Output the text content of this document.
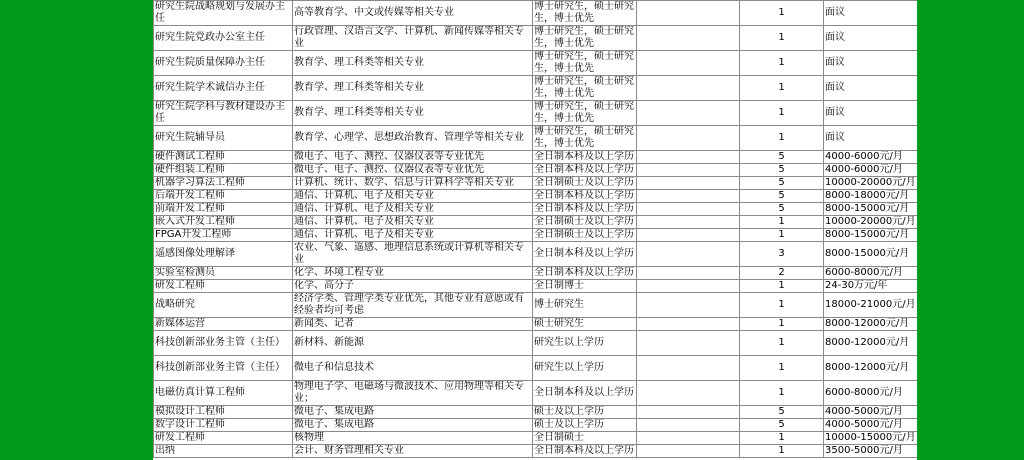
研究生院战略规划与发展办主任	高等教育学、中文或传媒等相关专业	博士研究生，硕士研究生，博士优先		1	面议
研究生院党政办公室主任	行政管理、汉语言文学、计算机、新闻传媒等相关专业	博士研究生，硕士研究生，博士优先		1	面议
研究生院质量保障办主任	教育学、理工科类等相关专业	博士研究生，硕士研究生，博士优先		1	面议
研究生院学术诚信办主任	教育学、理工科类等相关专业	博士研究生，硕士研究生，博士优先		1	面议
研究生院学科与教材建设办主任	教育学、理工科类等相关专业	博士研究生，硕士研究生，博士优先		1	面议
研究生院辅导员	教育学、心理学、思想政治教育、管理学等相关专业	博士研究生，硕士研究生，博士优先		1	面议
硬件测试工程师	微电子、电子、测控、仪器仪表等专业优先	全日制本科及以上学历		5	4000-6000元/月
硬件组装工程师	微电子、电子、测控、仪器仪表等专业优先	全日制本科及以上学历		5	4000-6000元/月
机器学习算法工程师	计算机、统计、数学、信息与计算科学等相关专业	全日制硕士及以上学历		5	10000-20000元/月
后端开发工程师	通信、计算机、电子及相关专业	全日制本科及以上学历		5	8000-18000元/月
前端开发工程师	通信、计算机、电子及相关专业	全日制本科及以上学历		5	8000-15000元/月
嵌入式开发工程师	通信、计算机、电子及相关专业	全日制硕士及以上学历		1	10000-20000元/月
FPGA开发工程师	通信、计算机、电子及相关专业	全日制硕士及以上学历		1	8000-15000元/月
遥感图像处理解译	农业、气象、遥感、地理信息系统或计算机等相关专业	全日制本科及以上学历		3	8000-15000元/月
实验室检测员	化学、环境工程专业	全日制本科及以上学历		2	6000-8000元/月
研发工程师	化学、高分子	全日制博士		1	24-30万元/年
战略研究	经济学类、管理学类专业优先，其他专业有意愿或有经验者均可考虑	博士研究生		1	18000-21000元/月
新媒体运营	新闻类、记者	硕士研究生		1	8000-12000元/月
科技创新部业务主管（主任）	新材料、新能源	研究生以上学历		1	8000-12000元/月
科技创新部业务主管（主任）	微电子和信息技术	研究生以上学历		1	8000-12000元/月
电磁仿真计算工程师	物理电子学、电磁场与微波技术、应用物理等相关专业；	全日制本科及以上学历		1	6000-8000元/月
模拟设计工程师	微电子、集成电路	硕士及以上学历		5	4000-5000元/月
数字设计工程师	微电子、集成电路	硕士及以上学历		5	4000-5000元/月
研发工程师	核物理	全日制硕士		1	10000-15000元/月
出纳	会计、财务管理相关专业	全日制本科及以上学历		1	3500-5000元/月
